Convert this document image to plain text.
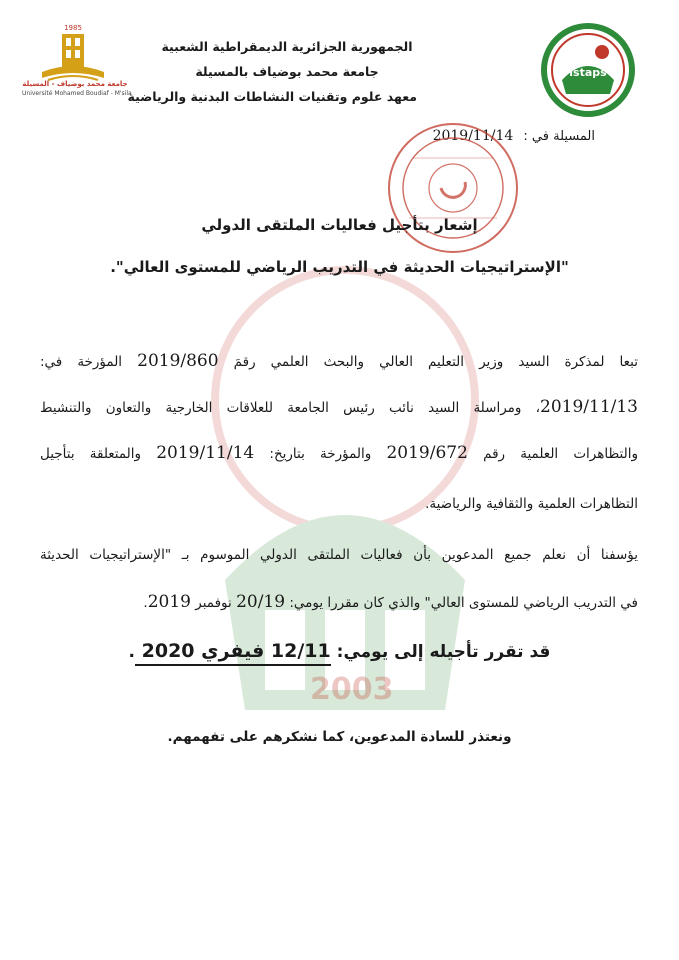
2003
1985
جامعة محمد بوضياف - المسيلة
Université Mohamed Boudiaf - M'sila
الجمهورية الجزائرية الديمقراطية الشعبية
جامعة محمد بوضياف بالمسيلة
معهد علوم وتقنيات النشاطات البدنية والرياضية
istaps
المسيلة في : 2019/11/14
إشعار بتأجيل فعاليات الملتقى الدولي
"الإستراتيجيات الحديثة في التدريب الرياضي للمستوى العالي".
تبعا لمذكرة السيد وزير التعليم العالي والبحث العلمي رقمَ 2019/860 المؤرخة في:
2019/11/13، ومراسلة السيد نائب رئيس الجامعة للعلاقات الخارجية والتعاون والتنشيط
والتظاهرات العلمية رقم 2019/672 والمؤرخة بتاريخ: 2019/11/14 والمتعلقة بتأجيل
التظاهرات العلمية والثقافية والرياضية.
يؤسفنا أن نعلم جميع المدعوين بأن فعاليات الملتقى الدولي الموسوم بـ "الإستراتيجيات الحديثة
في التدريب الرياضي للمستوى العالي" والذي كان مقررا يومي: 20/19 نوفمبر 2019.
قد تقرر تأجيله إلى يومي: 12/11 فيفري 2020 .
ونعتذر للسادة المدعوين، كما نشكرهم على تفهمهم.
